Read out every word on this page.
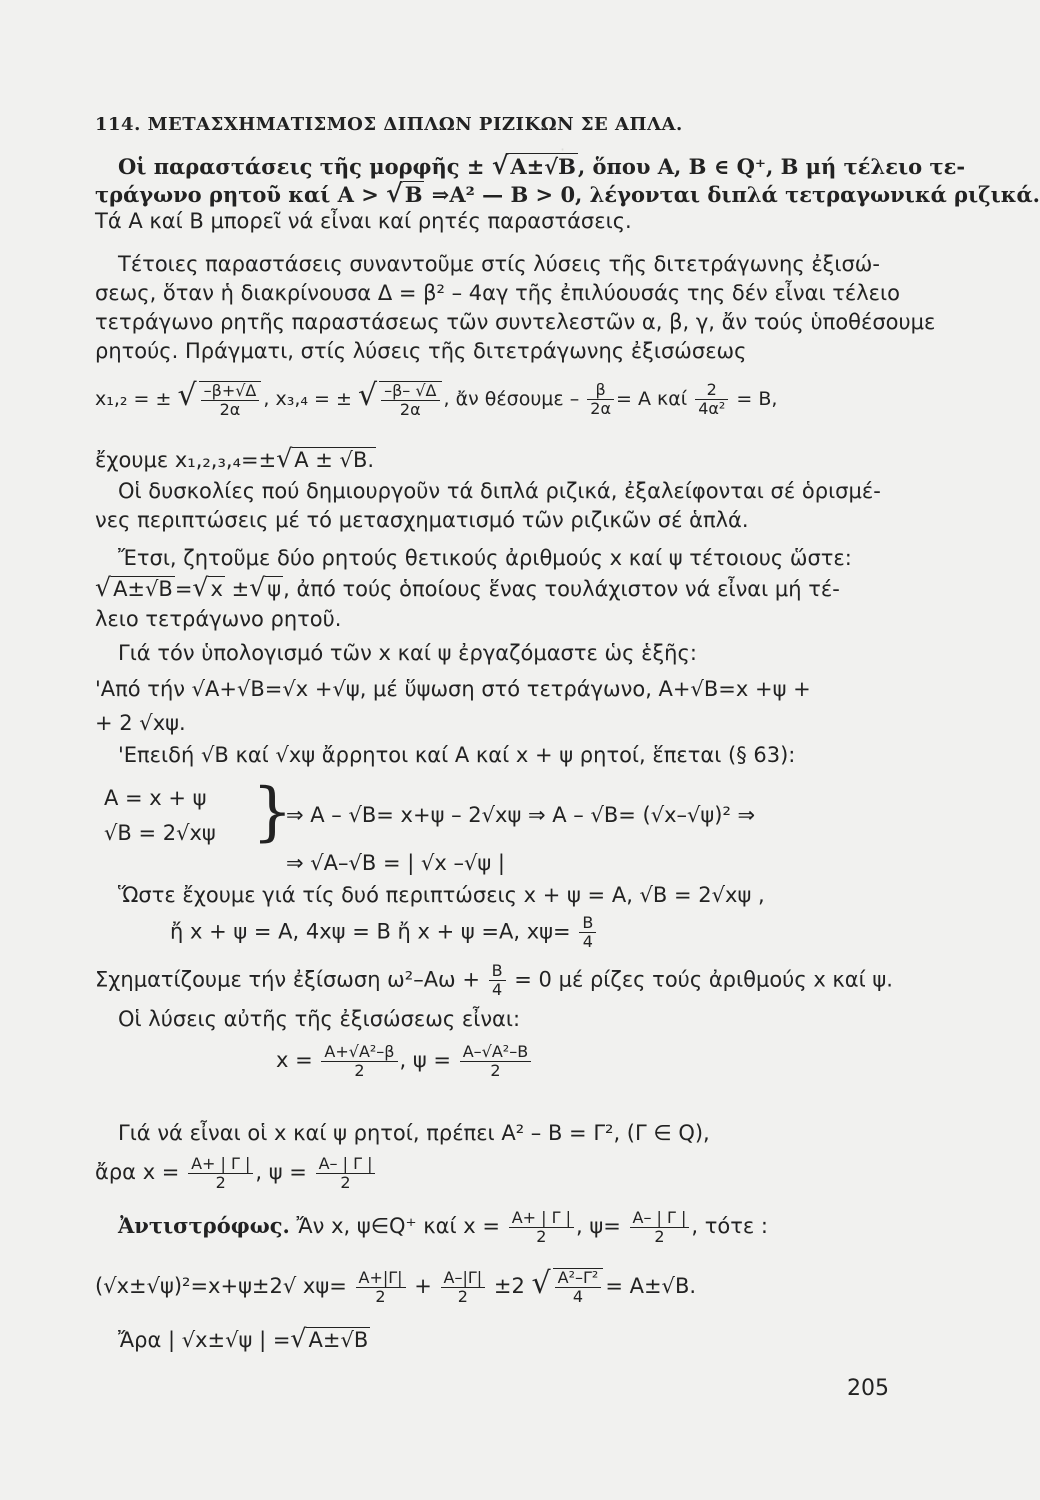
·
114. ΜΕΤΑΣΧΗΜΑΤΙΣΜΟΣ ΔΙΠΛΩΝ ΡΙΖΙΚΩΝ ΣΕ ΑΠΛΑ.
Οἱ παραστάσεις τῆς μορφῆς ± √A±√B, ὅπου A, B ∈ Q⁺, B μή τέλειο τε-
τράγωνο ρητοῦ καί A > √B ⇒A² — B > 0, λέγονται διπλά τετραγωνικά ριζικά.
Τά Α καί Β μπορεῖ νά εἶναι καί ρητές παραστάσεις.
Τέτοιες παραστάσεις συναντοῦμε στίς λύσεις τῆς διτετράγωνης ἐξισώ-
σεως, ὅταν ἡ διακρίνουσα Δ = β² – 4αγ τῆς ἐπιλύουσάς της δέν εἶναι τέλειο
τετράγωνο ρητῆς παραστάσεως τῶν συντελεστῶν α, β, γ, ἄν τούς ὑποθέσουμε
ρητούς. Πράγματι, στίς λύσεις τῆς διτετράγωνης ἐξισώσεως
x₁,₂ = ± √ $\frac{-\beta+√\Delta}{2\alpha}$ , x₃,₄ = ± √ $\frac{-\beta- √\Delta}{2\alpha}$ , ἄν $\theta έ\sigma o\upsilon\mu\varepsilon - \frac{\beta}{2\alpha} = A$ καί $\frac{2}{\text{4α²}} = B$,
ἔχουμε x₁,₂,₃,₄=±√A ± √B.
Οἱ δυσκολίες πού δημιουργοῦν τά διπλά ριζικά, ἐξαλείφονται σέ ὁρισμέ-
νες περιπτώσεις μέ τό μετασχηματισμό τῶν ριζικῶν σέ ἁπλά.
Ἔτσι, ζητοῦμε δύο ρητούς θετικούς ἀριθμούς x καί ψ τέτοιους ὥστε:
√A±√B=√x ±√ψ, ἀπό τούς ὁποίους ἕνας τουλάχιστον νά εἶναι μή τέ-
λειο τετράγωνο ρητοῦ.
Γιά τόν ὑπολογισμό τῶν x καί ψ ἐργαζόμαστε ὡς ἑξῆς:
'Από τήν √A+√B=√x +√ψ, μέ ὕψωση στό τετράγωνο, A+√B=x +ψ +
+ 2 √xψ.
'Επειδή √B καί √xψ ἄρρητοι καί A καί x + ψ ρητοί, ἕπεται (§ 63):
A = x + ψ
√B = 2√xψ }
⇒ A – √B= x+ψ – 2√xψ ⇒ A – √B= (√x–√ψ)² ⇒
⇒ √A–√B = | √x –√ψ |
Ὥστε ἔχουμε γιά τίς δυό περιπτώσεις x + ψ = A, √B = 2√xψ ,
ἤ x + ψ = A, 4xψ = B ἤ x + ψ =A, $x\psi= \frac{B}{4}$
Σχηματίζουμε τήν ἐξίσωση $\omega^2-A\omega + \frac{B}{4} = 0$ μέ ρίζες τούς ἀριθμούς x καί ψ.
Οἱ λύσεις αὐτῆς τῆς ἐξισώσεως εἶναι:
$x = \frac{\text{A+√A²–β}}{2}$ , $\psi = \frac{\text{A–√A²–B}}{2}$
Γιά νά εἶναι οἱ x καί ψ ρητοί, πρέπει A² – B = Γ², (Γ ∈ Q),
ἄρα $x = \frac{A+ | \Gamma |}{2}$ , $\psi = \frac{A- | \Gamma |}{2}$
Ἀντιστρόφως. Ἄν x, ψ∈Q⁺ καί $x = \frac{A+ | \Gamma |}{2}$ , $\psi= \frac{A- | \Gamma |}{2}$ , τότε :
(√x±√ψ)²=x+ψ±2√ $x\psi= \frac{A+|\Gamma|}{2} + \frac{A-|\Gamma|}{2} \pm 2$ √ $\frac{\text{A²–Γ²}}{4} = A\pm√B$.
Ἄρα | √x±√ψ | =√A±√B
205
